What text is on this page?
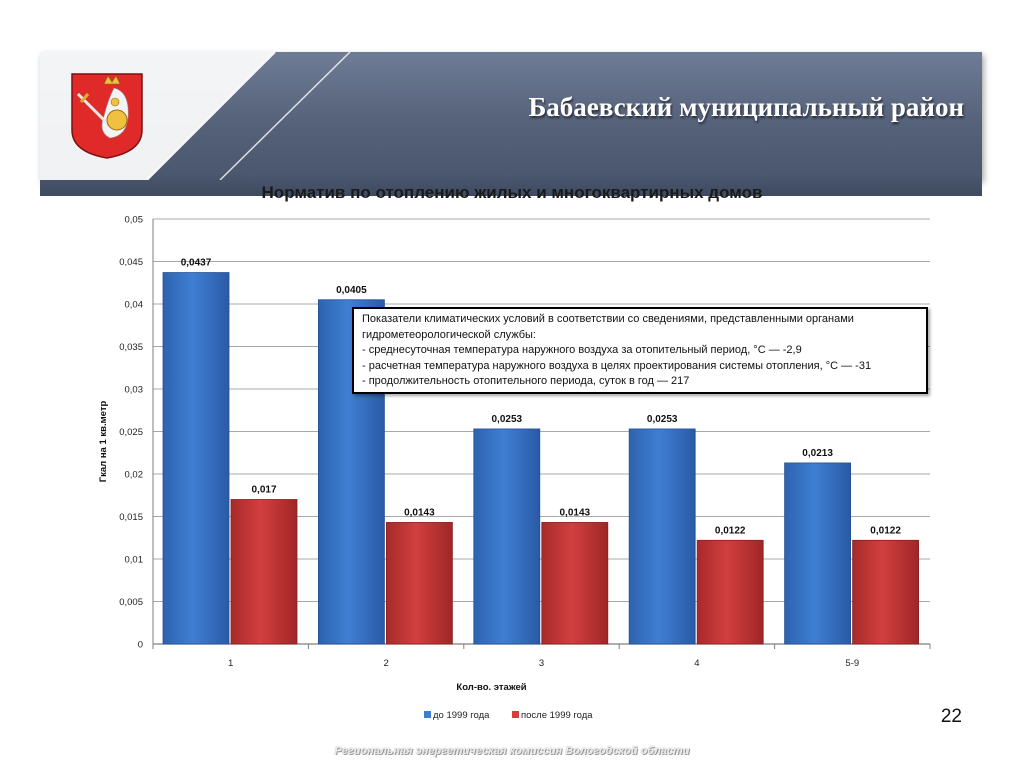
Бабаевский муниципальный район
Норматив по отоплению жилых и многоквартирных домов
0
0,005
0,01
0,015
0,02
0,025
0,03
0,035
0,04
0,045
0,05
0,0437
0,017
1
0,0405
0,0143
2
0,0253
0,0143
3
0,0253
0,0122
4
0,0213
0,0122
5-9
Кол-во. этажей
Гкал на 1 кв.метр
до 1999 года	после 1999 года
Показатели климатических условий в соответствии со сведениями, представленными органами
гидрометеорологической службы:
- среднесуточная температура наружного воздуха за отопительный период, °С — -2,9
- расчетная температура наружного воздуха в целях проектирования системы отопления, °С — -31
- продолжительность отопительного периода, суток в год — 217
22
Региональная энергетическая комиссия Вологодской области
